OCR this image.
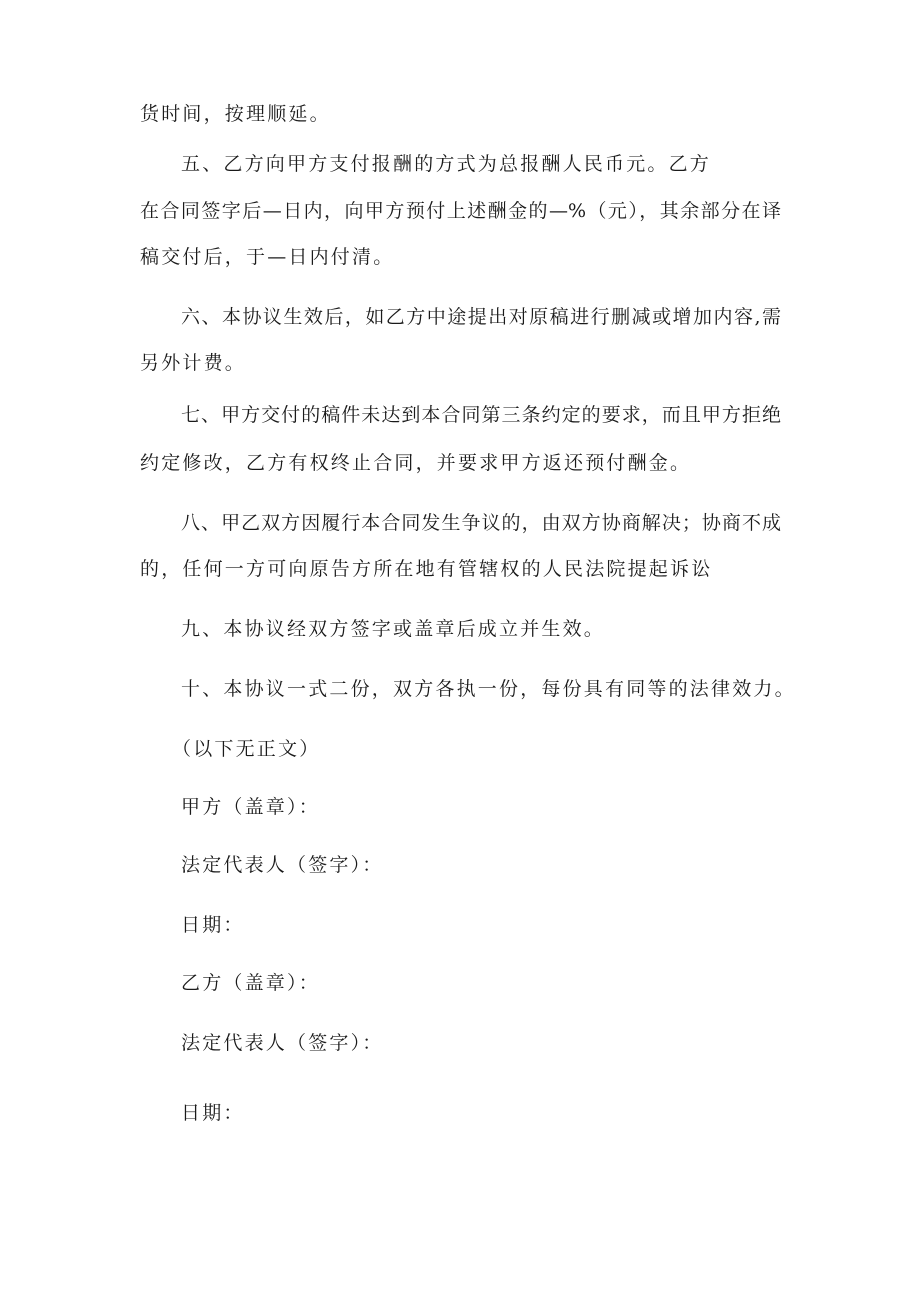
货时间，按理顺延。
五、乙方向甲方支付报酬的方式为总报酬人民币元。乙方
在合同签字后—日内，向甲方预付上述酬金的—%（元），其余部分在译
稿交付后，于—日内付清。
六、本协议生效后，如乙方中途提出对原稿进行删减或增加内容,需
另外计费。
七、甲方交付的稿件未达到本合同第三条约定的要求，而且甲方拒绝
约定修改，乙方有权终止合同，并要求甲方返还预付酬金。
八、甲乙双方因履行本合同发生争议的，由双方协商解决；协商不成
的，任何一方可向原告方所在地有管辖权的人民法院提起诉讼
九、本协议经双方签字或盖章后成立并生效。
十、本协议一式二份，双方各执一份，每份具有同等的法律效力。
（以下无正文）
甲方（盖章）：
法定代表人（签字）：
日期：
乙方（盖章）：
法定代表人（签字）：
日期：
